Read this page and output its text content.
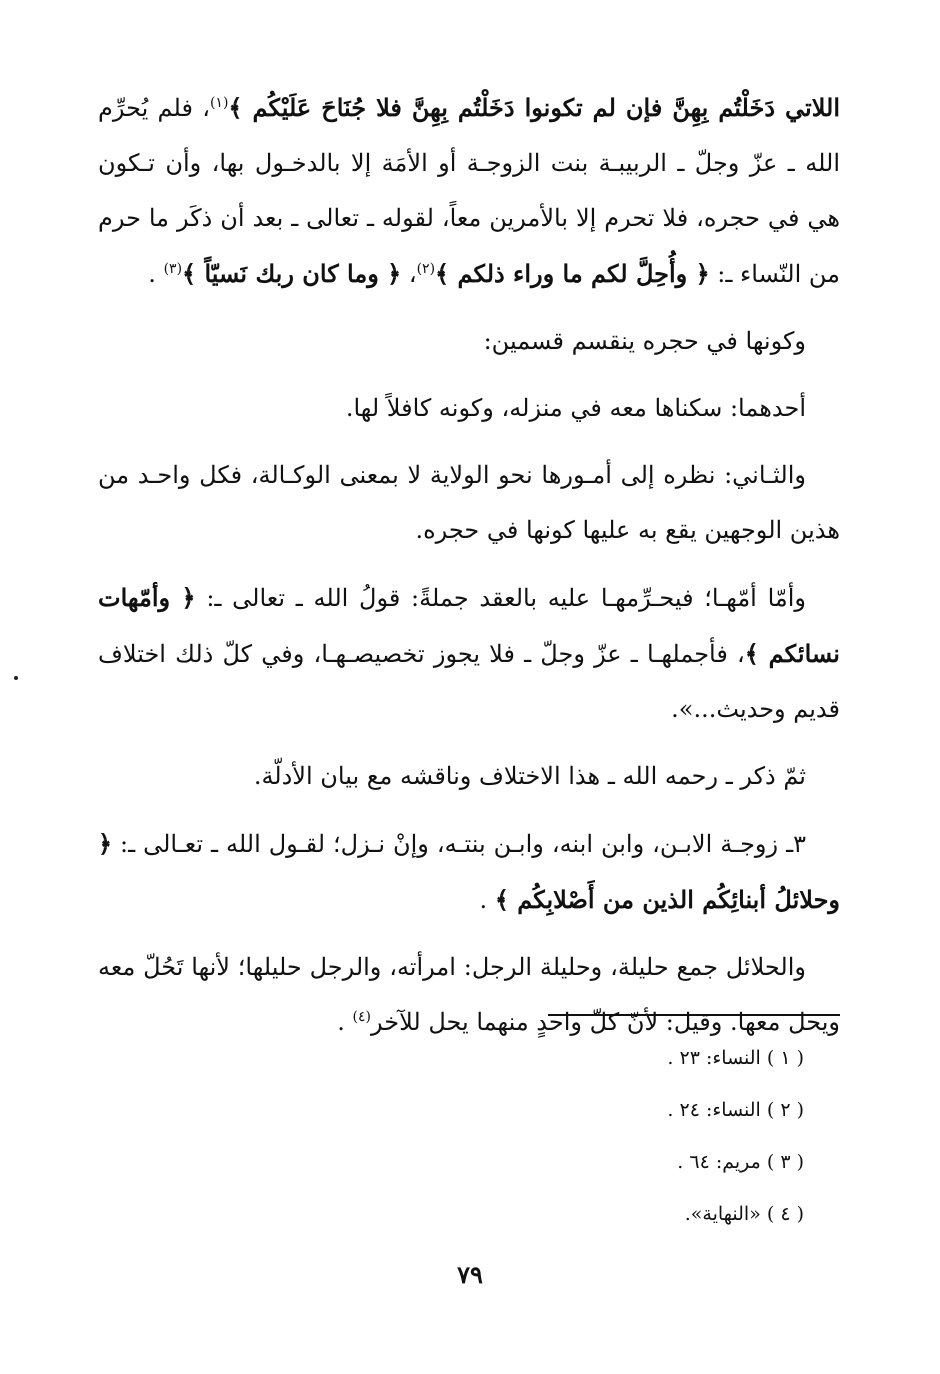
اللاتي دَخَلْتُم بِهِنَّ فإن لم تكونوا دَخَلْتُم بِهِنَّ فلا جُنَاحَ عَلَيْكُم ﴾$^{(١)}$، فلم يُحرِّم الله ـ عزّ وجلّ ـ الربيبـة بنت الزوجـة أو الأمَة إلا بالدخـول بها، وأن تـكون هي في حجره، فلا تحرم إلا بالأمرين معاً، لقوله ـ تعالى ـ بعد أن ذكَر ما حرم من النّساء ـ: ﴿ وأُحِلَّ لكم ما وراء ذلكم ﴾$^{(٢)}$، ﴿ وما كان ربك نَسيّاً ﴾$^{(٣)}$ .

وكونها في حجره ينقسم قسمين:

أحدهما: سكناها معه في منزله، وكونه كافلاً لها.

والثـاني: نظره إلى أمـورها نحو الولاية لا بمعنى الوكـالة، فكل واحـد من هذين الوجهين يقع به عليها كونها في حجره.

وأمّا أمّهـا؛ فيحـرِّمهـا عليه بالعقد جملةً: قولُ الله ـ تعالى ـ: ﴿ وأمّهات نسائكم ﴾، فأجملهـا ـ عزّ وجلّ ـ فلا يجوز تخصيصـهـا، وفي كلّ ذلك اختلاف قديم وحديث...».

ثمّ ذكر ـ رحمه الله ـ هذا الاختلاف وناقشه مع بيان الأدلّة.

٣ـ زوجـة الابـن، وابن ابنه، وابـن بنتـه، وإنْ نـزل؛ لقـول الله ـ تعـالى ـ: ﴿ وحلائلُ أبنائِكُم الذين من أَصْلابِكُم ﴾ .

والحلائل جمع حليلة، وحليلة الرجل: امرأته، والرجل حليلها؛ لأنها تَحُلّ معه ويحل معها. وقيل: لأنّ كلّ واحدٍ منهما يحل للآخر$^{(٤)}$ .

( ١ ) النساء: ٢٣ .

( ٢ ) النساء: ٢٤ .

( ٣ ) مريم: ٦٤ .

( ٤ ) «النهاية».

٧٩
